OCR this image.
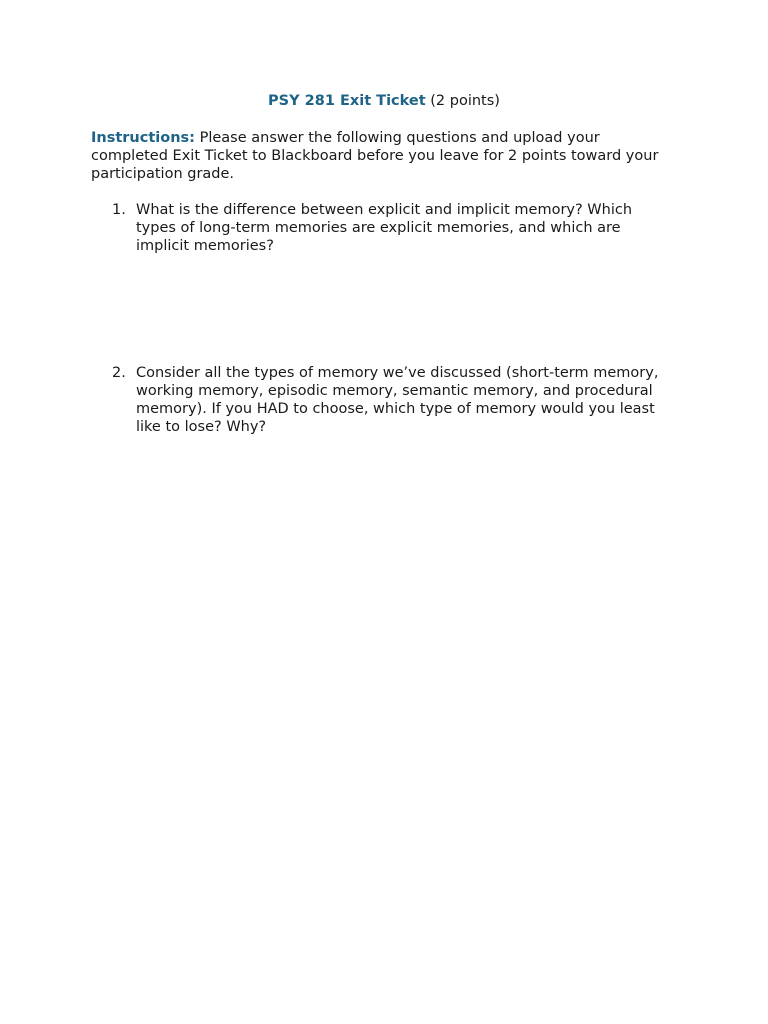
PSY 281 Exit Ticket (2 points)
Instructions: Please answer the following questions and upload your completed Exit Ticket to Blackboard before you leave for 2 points toward your participation grade.
1. What is the difference between explicit and implicit memory? Which types of long-term memories are explicit memories, and which are implicit memories?
2. Consider all the types of memory we’ve discussed (short-term memory, working memory, episodic memory, semantic memory, and procedural memory). If you HAD to choose, which type of memory would you least like to lose? Why?
